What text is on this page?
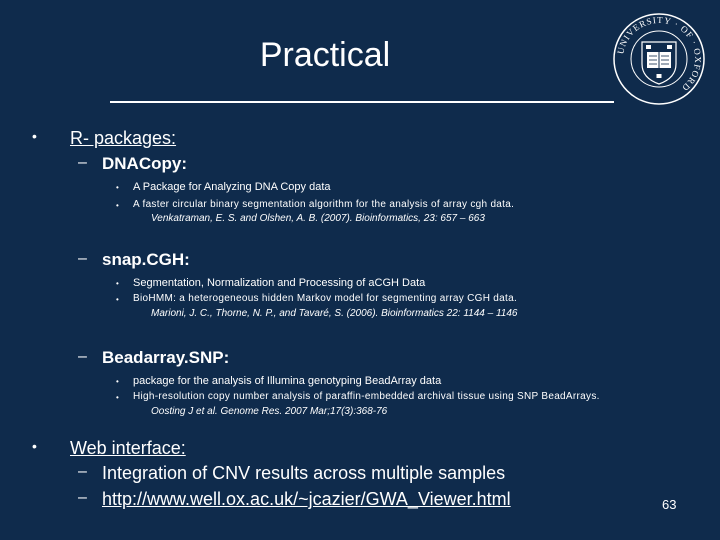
Practical	UNIVERSITY · OF · OXFORD
• R- packages:
– DNACopy:
• A Package for Analyzing DNA Copy data
• A faster circular binary segmentation algorithm for the analysis of array cgh data.
Venkatraman, E. S. and Olshen, A. B. (2007). Bioinformatics, 23: 657 – 663
– snap.CGH:
• Segmentation, Normalization and Processing of aCGH Data
• BioHMM: a heterogeneous hidden Markov model for segmenting array CGH data.
Marioni, J. C., Thorne, N. P., and Tavaré, S. (2006). Bioinformatics 22: 1144 – 1146
– Beadarray.SNP:
• package for the analysis of Illumina genotyping BeadArray data
• High-resolution copy number analysis of paraffin-embedded archival tissue using SNP BeadArrays.
Oosting J et al. Genome Res. 2007 Mar;17(3):368-76
• Web interface:
– Integration of CNV results across multiple samples
– http://www.well.ox.ac.uk/~jcazier/GWA_Viewer.html	63
